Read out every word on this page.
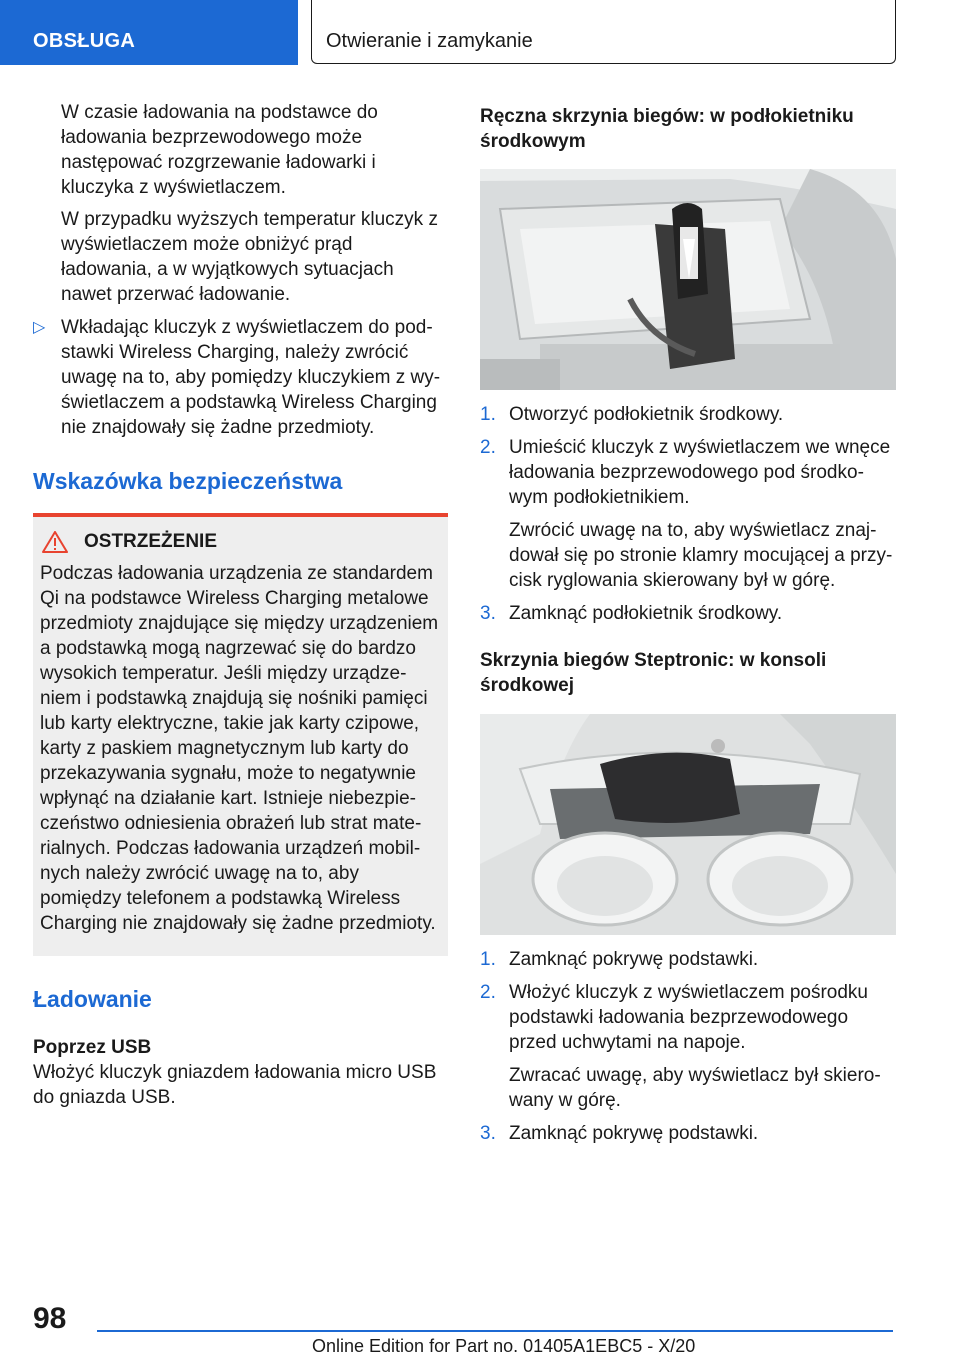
OBSŁUGA	Otwieranie i zamykanie

W czasie ładowania na podstawce do ładowania bezprzewodowego może następować rozgrzewanie ładowarki i kluczyka z wyświetlaczem.

W przypadku wyższych temperatur kluczyk z wyświetlaczem może obniżyć prąd ładowania, a w wyjątkowych sytuacjach nawet przerwać ładowanie.

▷ Wkładając kluczyk z wyświetlaczem do podstawki Wireless Charging, należy zwrócić uwagę na to, aby pomiędzy kluczykiem z wyświetlaczem a podstawką Wireless Charging nie znajdowały się żadne przedmioty.
Wskazówka bezpieczeństwa
OSTRZEŻENIE

Podczas ładowania urządzenia ze standardem Qi na podstawce Wireless Charging metalowe przedmioty znajdujące się między urządzeniem a podstawką mogą nagrzewać się do bardzo wysokich temperatur. Jeśli między urządzeniem i podstawką znajdują się nośniki pamięci lub karty elektryczne, takie jak karty czipowe, karty z paskiem magnetycznym lub karty do przekazywania sygnału, może to negatywnie wpłynąć na działanie kart. Istnieje niebezpieczeństwo odniesienia obrażeń lub strat materialnych. Podczas ładowania urządzeń mobilnych należy zwrócić uwagę na to, aby pomiędzy telefonem a podstawką Wireless Charging nie znajdowały się żadne przedmioty.

Ładowanie
Poprzez USB

Włożyć kluczyk gniazdem ładowania micro USB do gniazda USB.

Ręczna skrzynia biegów: w podłokietniku środkowym
1. Otworzyć podłokietnik środkowy.
2. Umieścić kluczyk z wyświetlaczem we wnęce ładowania bezprzewodowego pod środkowym podłokietnikiem.

Zwrócić uwagę na to, aby wyświetlacz znajdował się po stronie klamry mocującej a przycisk ryglowania skierowany był w górę.

3. Zamknąć podłokietnik środkowy.
Skrzynia biegów Steptronic: w konsoli środkowej
1. Zamknąć pokrywę podstawki.
2. Włożyć kluczyk z wyświetlaczem pośrodku podstawki ładowania bezprzewodowego przed uchwytami na napoje.

Zwracać uwagę, aby wyświetlacz był skierowany w górę.

3. Zamknąć pokrywę podstawki.
98
Online Edition for Part no. 01405A1EBC5 - X/20
